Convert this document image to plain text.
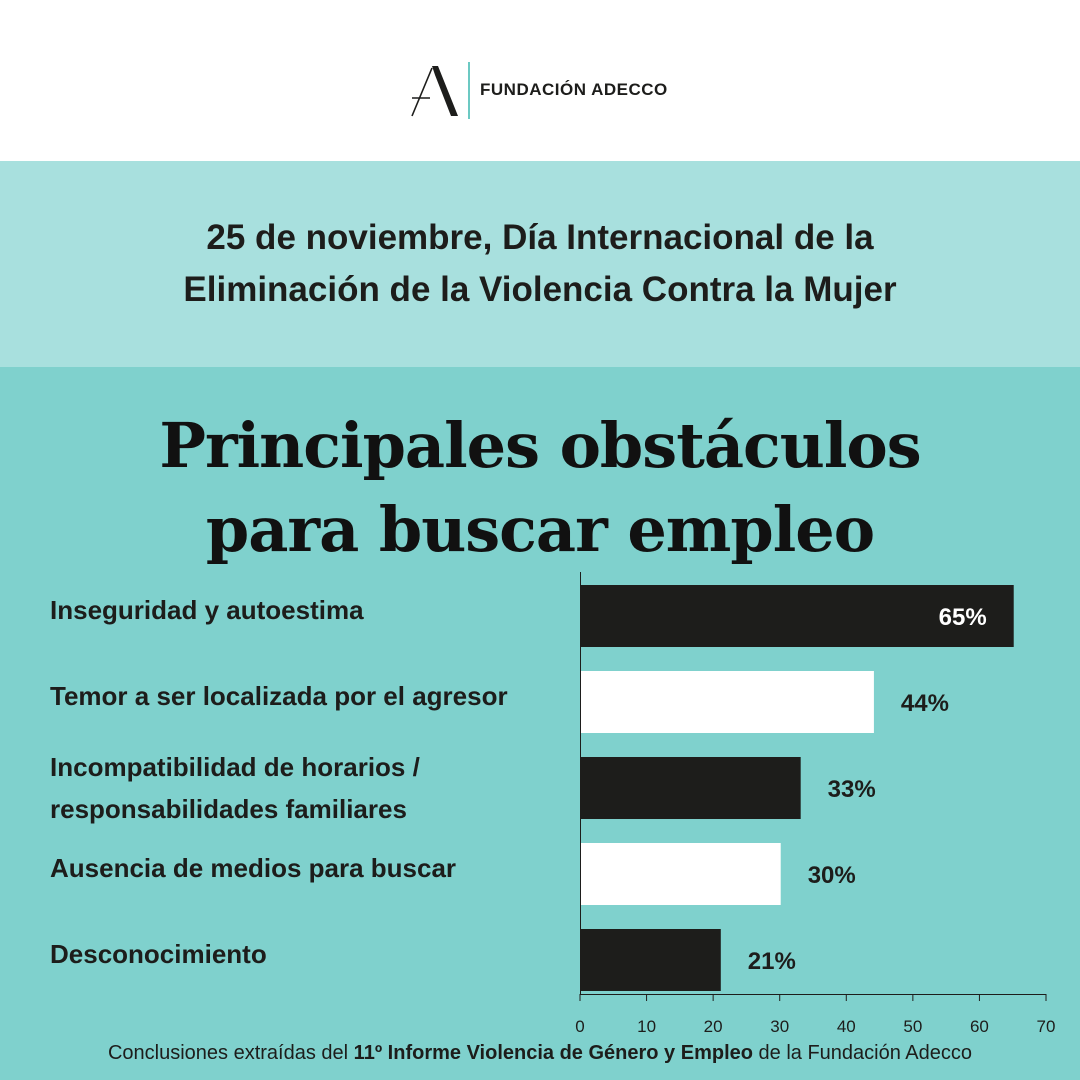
FUNDACIÓN ADECCO
25 de noviembre, Día Internacional de la
Eliminación de la Violencia Contra la Mujer
Principales obstáculos
para buscar empleo
0	10	20	30	40	50	60	70
65%
Inseguridad y autoestima
44%
Temor a ser localizada por el agresor
33%
Incompatibilidad de horarios /
responsabilidades familiares
30%
Ausencia de medios para buscar
21%
Desconocimiento
Conclusiones extraídas del 11º Informe Violencia de Género y Empleo de la Fundación Adecco
